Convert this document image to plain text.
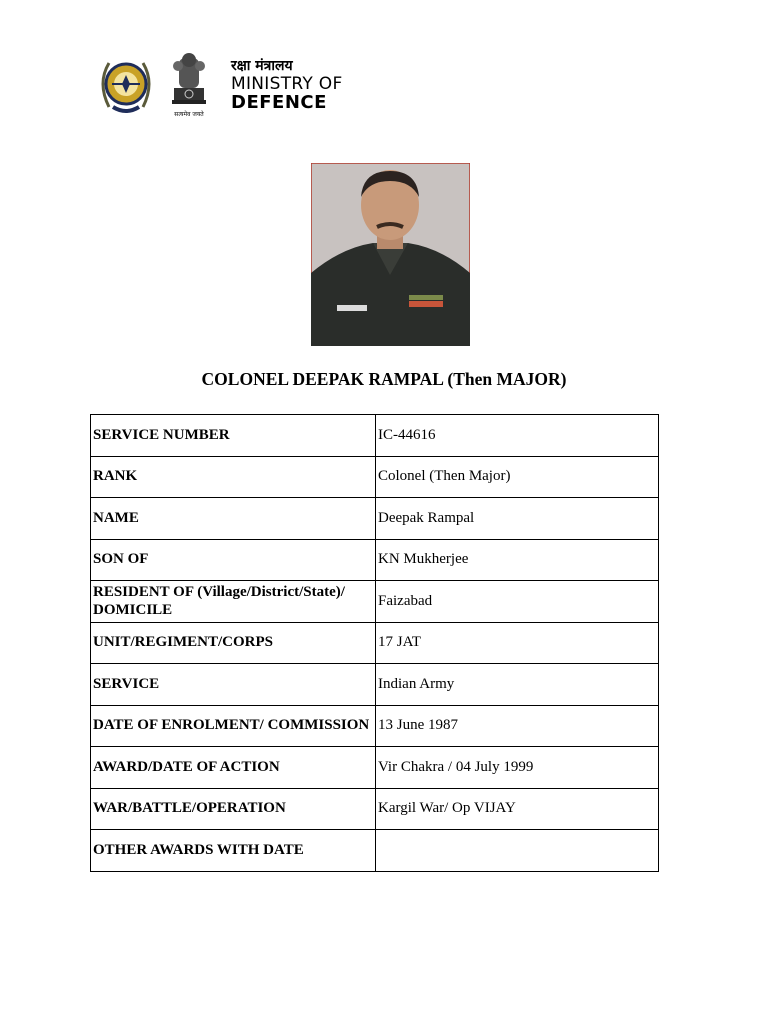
सत्यमेव जयते
रक्षा मंत्रालय
MINISTRY OF
DEFENCE
COLONEL DEEPAK RAMPAL (Then MAJOR)
SERVICE NUMBER	IC-44616
RANK	Colonel (Then Major)
NAME	Deepak Rampal
SON OF	KN Mukherjee
RESIDENT OF (Village/District/State)/ DOMICILE	Faizabad
UNIT/REGIMENT/CORPS	17 JAT
SERVICE	Indian Army
DATE OF ENROLMENT/ COMMISSION	13 June 1987
AWARD/DATE OF ACTION	Vir Chakra / 04 July 1999
WAR/BATTLE/OPERATION	Kargil War/ Op VIJAY
OTHER AWARDS WITH DATE	
